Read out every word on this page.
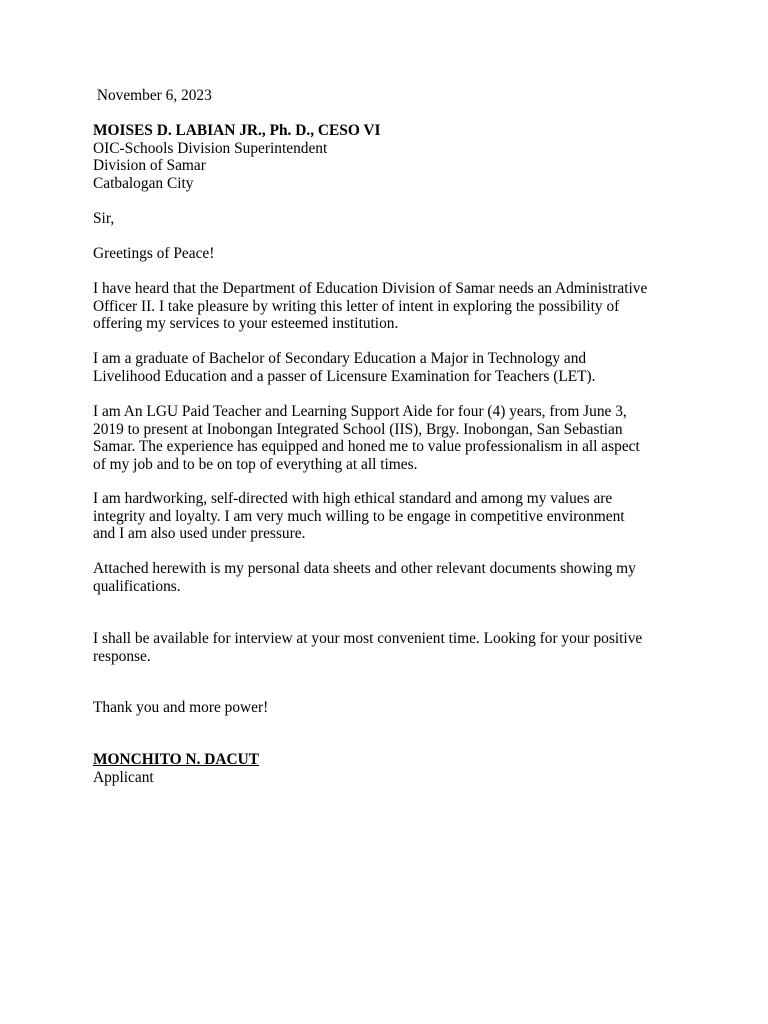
November 6, 2023
MOISES D. LABIAN JR., Ph. D., CESO VI
OIC-Schools Division Superintendent
Division of Samar
Catbalogan City
Sir,
Greetings of Peace!
I have heard that the Department of Education Division of Samar needs an Administrative
Officer II. I take pleasure by writing this letter of intent in exploring the possibility of
offering my services to your esteemed institution.
I am a graduate of Bachelor of Secondary Education a Major in Technology and
Livelihood Education and a passer of Licensure Examination for Teachers (LET).
I am An LGU Paid Teacher and Learning Support Aide for four (4) years, from June 3,
2019 to present at Inobongan Integrated School (IIS), Brgy. Inobongan, San Sebastian
Samar. The experience has equipped and honed me to value professionalism in all aspect
of my job and to be on top of everything at all times.
I am hardworking, self-directed with high ethical standard and among my values are
integrity and loyalty. I am very much willing to be engage in competitive environment
and I am also used under pressure.
Attached herewith is my personal data sheets and other relevant documents showing my
qualifications.
I shall be available for interview at your most convenient time. Looking for your positive
response.
Thank you and more power!
MONCHITO N. DACUT
Applicant
